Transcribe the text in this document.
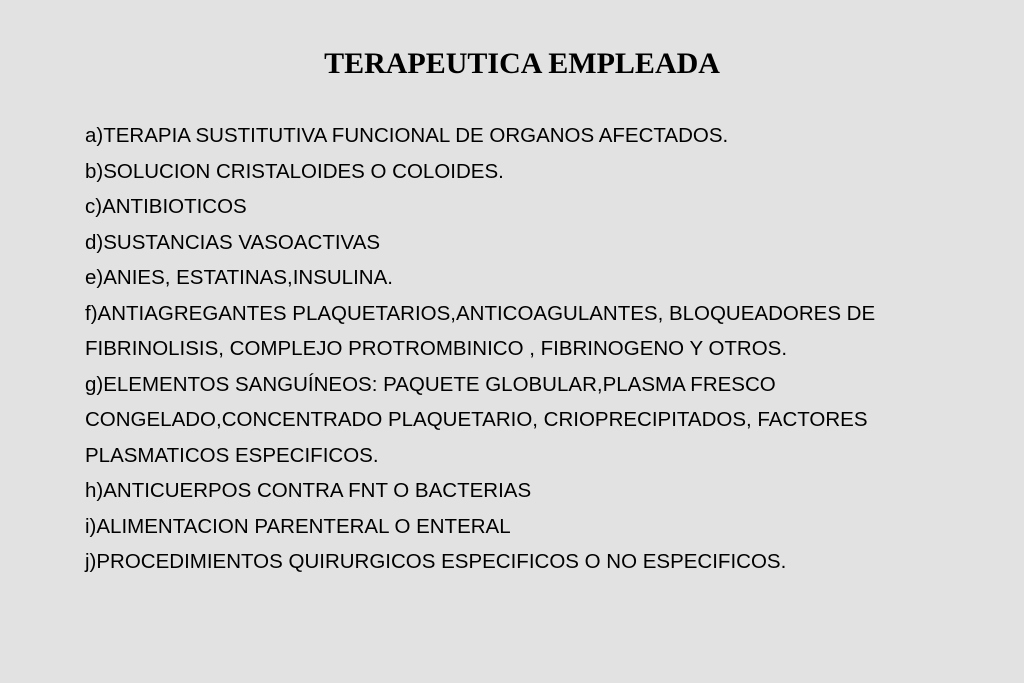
TERAPEUTICA EMPLEADA
a)TERAPIA SUSTITUTIVA FUNCIONAL DE ORGANOS AFECTADOS.
b)SOLUCION CRISTALOIDES O COLOIDES.
c)ANTIBIOTICOS
d)SUSTANCIAS VASOACTIVAS
e)ANIES, ESTATINAS,INSULINA.
f)ANTIAGREGANTES PLAQUETARIOS,ANTICOAGULANTES, BLOQUEADORES DE FIBRINOLISIS, COMPLEJO PROTROMBINICO , FIBRINOGENO Y OTROS.
g)ELEMENTOS SANGUÍNEOS: PAQUETE GLOBULAR,PLASMA FRESCO CONGELADO,CONCENTRADO PLAQUETARIO, CRIOPRECIPITADOS, FACTORES PLASMATICOS ESPECIFICOS.
h)ANTICUERPOS CONTRA FNT O BACTERIAS
i)ALIMENTACION PARENTERAL O ENTERAL
j)PROCEDIMIENTOS QUIRURGICOS ESPECIFICOS O NO ESPECIFICOS.
